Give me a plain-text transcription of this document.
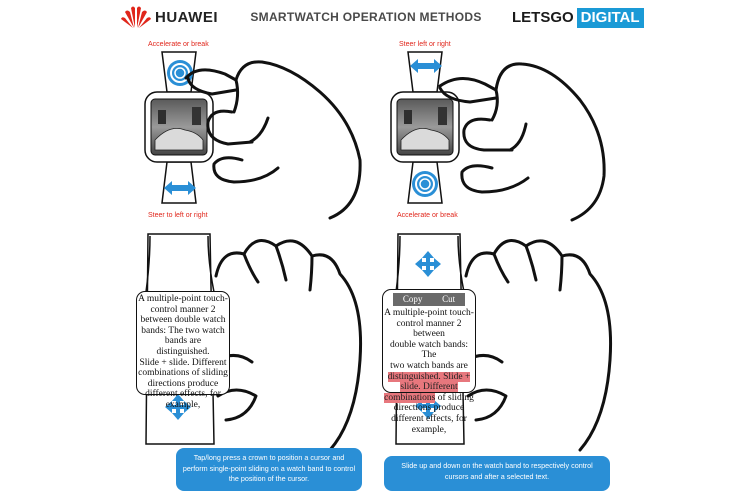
HUAWEI	SMARTWATCH OPERATION METHODS	LETSGO DIGITAL
Accelerate or break	Steer left or right
Steer to left or right	Accelerate or break
A multiple-point touch-
control manner 2
between double watch
bands: The two watch
bands are distinguished.
Slide + slide. Different
combinations of sliding
directions produce
different effects, for
example,
Copy Cut
A multiple-point touch-
control manner 2 between
double watch bands: The
two watch bands are
distinguished. Slide +
slide. Different
combinations of sliding
directions produce
different effects, for
example,
Tap/long press a crown to position a cursor and perform single-point sliding on a watch band to control the position of the cursor.
Slide up and down on the watch band to respectively control cursors and after a selected text.
